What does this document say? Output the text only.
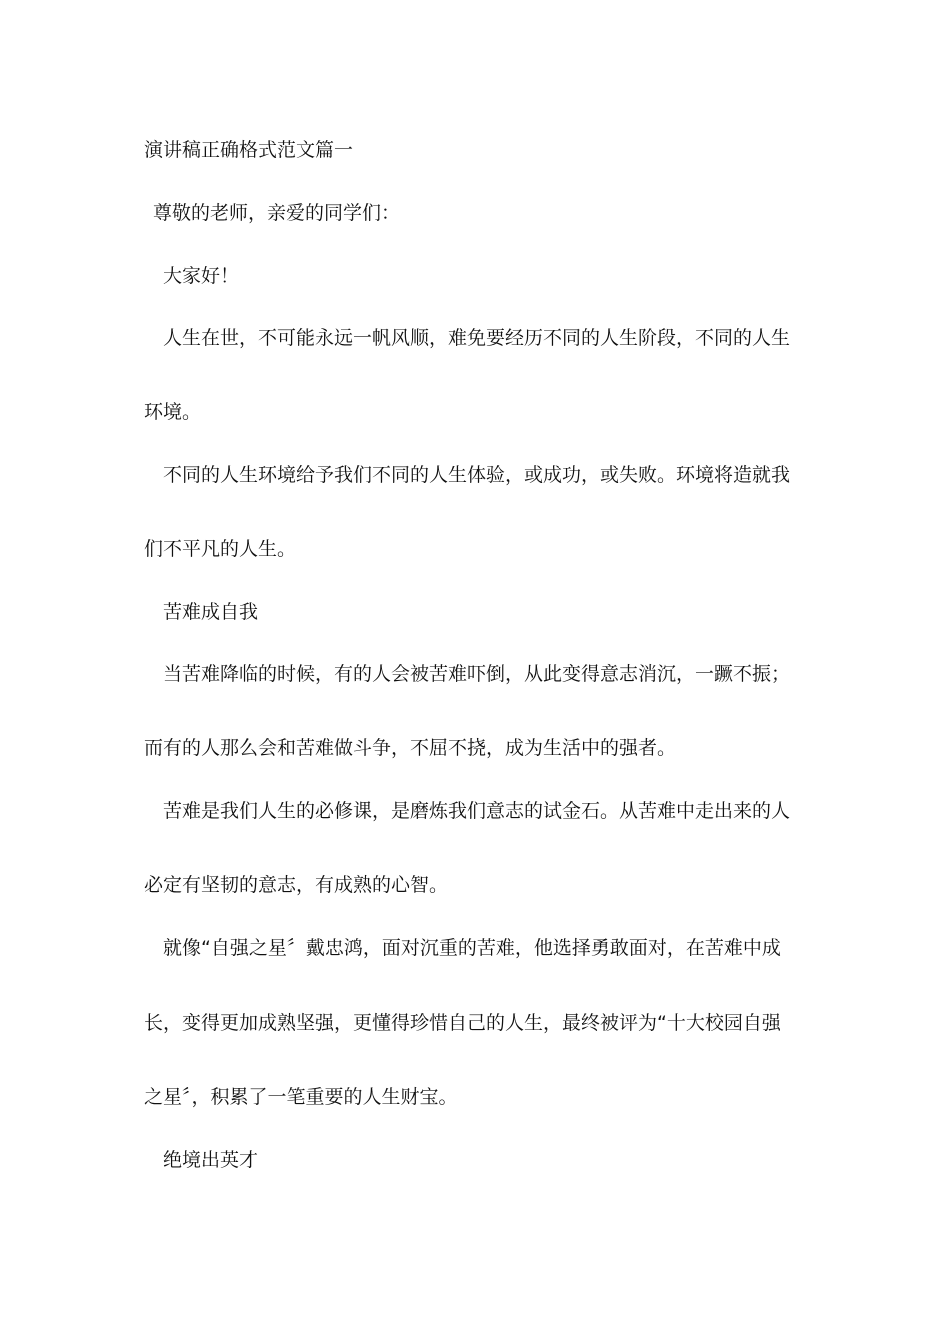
演讲稿正确格式范文篇一
尊敬的老师，亲爱的同学们：
大家好！
人生在世，不可能永远一帆风顺，难免要经历不同的人生阶段，不同的人生
环境。
不同的人生环境给予我们不同的人生体验，或成功，或失败。环境将造就我
们不平凡的人生。
苦难成自我
当苦难降临的时候，有的人会被苦难吓倒，从此变得意志消沉，一蹶不振；
而有的人那么会和苦难做斗争，不屈不挠，成为生活中的强者。
苦难是我们人生的必修课，是磨炼我们意志的试金石。从苦难中走出来的人
必定有坚韧的意志，有成熟的心智。
就像“自强之星〞戴忠鸿，面对沉重的苦难，他选择勇敢面对，在苦难中成
长，变得更加成熟坚强，更懂得珍惜自己的人生，最终被评为“十大校园自强
之星〞，积累了一笔重要的人生财宝。
绝境出英才
